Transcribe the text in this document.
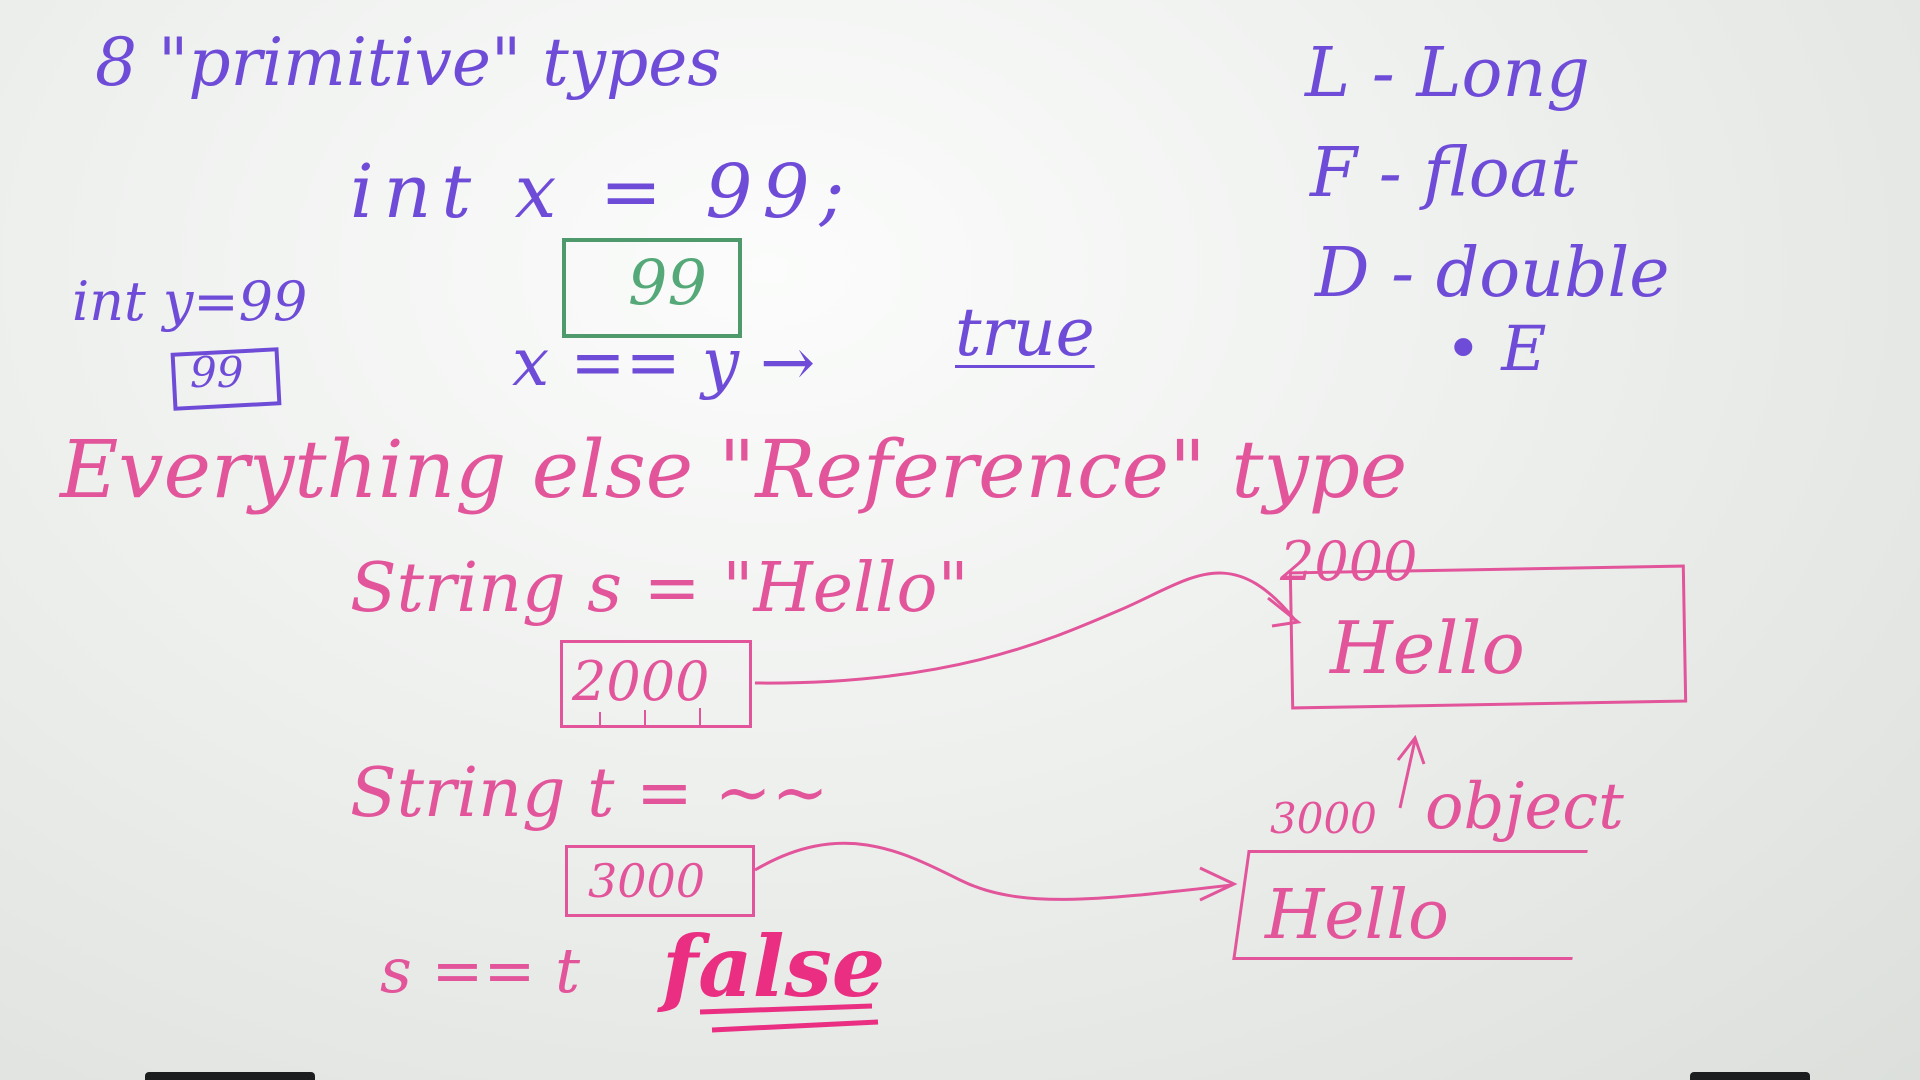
8 "primitive" types
int x = 99;
99
int y=99
99	x == y → true
L - Long
F - float
D - double
• E
Everything else "Reference" type
String s = "Hello"
2000
2000
Hello
String t = ~~
3000
3000 object
Hello
s == t false
